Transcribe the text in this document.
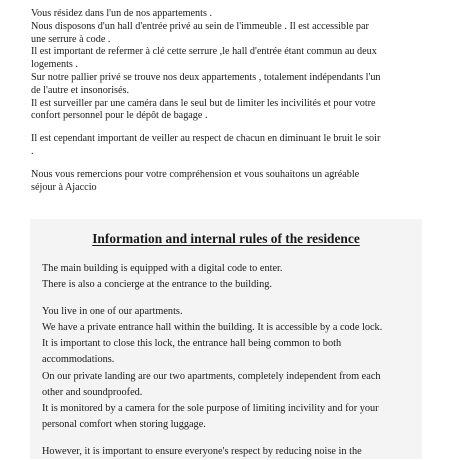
Vous résidez dans l'un de nos appartements .
Nous disposons d'un hall d'entrée privé au sein de l'immeuble . Il est accessible par
une serrure à code .
Il est important de refermer à clé cette serrure ,le hall d'entrée étant commun au deux
logements .
Sur notre pallier privé se trouve nos deux appartements , totalement indépendants l'un
de l'autre et insonorisés.
Il est surveiller par une caméra dans le seul but de limiter les incivilités et pour votre
confort personnel pour le dépôt de bagage .
Il est cependant important de veiller au respect de chacun en diminuant le bruit le soir
.
Nous vous remercions pour votre compréhension et vous souhaitons un agréable
séjour à Ajaccio
Information and internal rules of the residence
The main building is equipped with a digital code to enter.
There is also a concierge at the entrance to the building.
You live in one of our apartments.
We have a private entrance hall within the building. It is accessible by a code lock.
It is important to close this lock, the entrance hall being common to both
accommodations.
On our private landing are our two apartments, completely independent from each
other and soundproofed.
It is monitored by a camera for the sole purpose of limiting incivility and for your
personal comfort when storing luggage.
However, it is important to ensure everyone's respect by reducing noise in the
